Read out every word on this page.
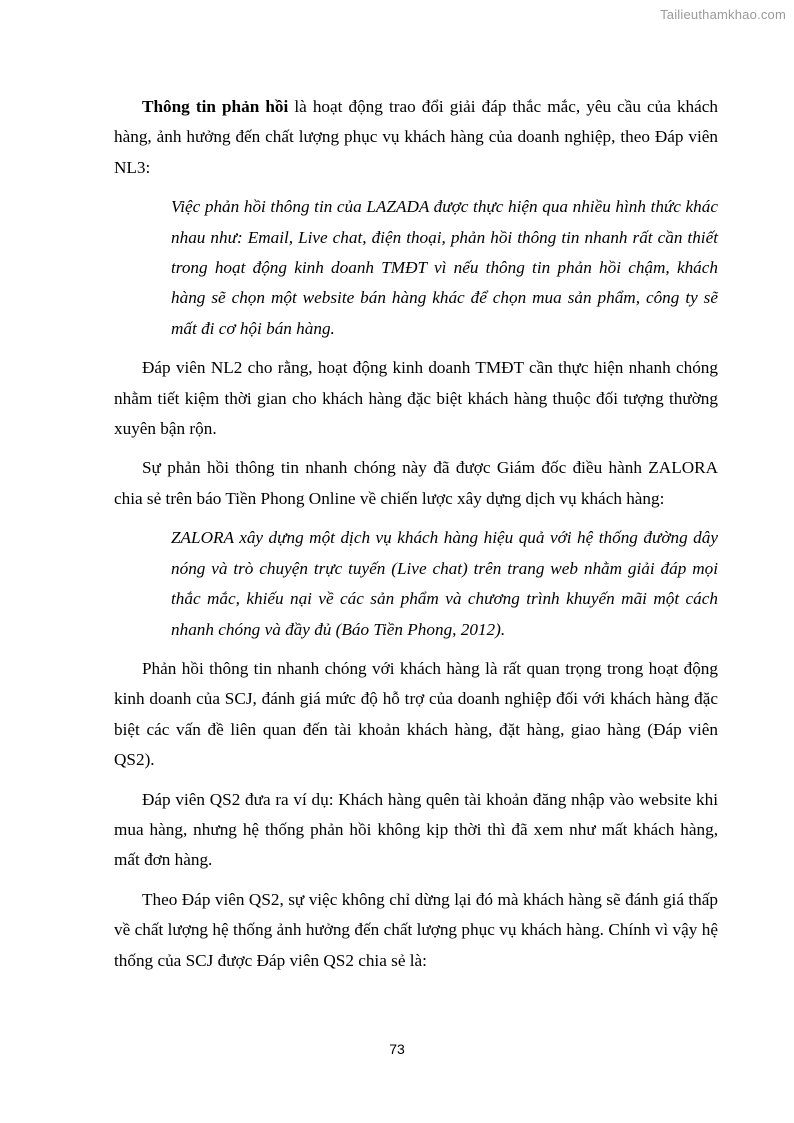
Tailieuthamkhao.com

Thông tin phản hồi là hoạt động trao đổi giải đáp thắc mắc, yêu cầu của khách hàng, ảnh hưởng đến chất lượng phục vụ khách hàng của doanh nghiệp, theo Đáp viên NL3:

Việc phản hồi thông tin của LAZADA được thực hiện qua nhiều hình thức khác nhau như: Email, Live chat, điện thoại, phản hồi thông tin nhanh rất cần thiết trong hoạt động kinh doanh TMĐT vì nếu thông tin phản hồi chậm, khách hàng sẽ chọn một website bán hàng khác để chọn mua sản phẩm, công ty sẽ mất đi cơ hội bán hàng.

Đáp viên NL2 cho rằng, hoạt động kinh doanh TMĐT cần thực hiện nhanh chóng nhằm tiết kiệm thời gian cho khách hàng đặc biệt khách hàng thuộc đối tượng thường xuyên bận rộn.

Sự phản hồi thông tin nhanh chóng này đã được Giám đốc điều hành ZALORA chia sẻ trên báo Tiền Phong Online về chiến lược xây dựng dịch vụ khách hàng:

ZALORA xây dựng một dịch vụ khách hàng hiệu quả với hệ thống đường dây nóng và trò chuyện trực tuyến (Live chat) trên trang web nhằm giải đáp mọi thắc mắc, khiếu nại về các sản phẩm và chương trình khuyến mãi một cách nhanh chóng và đầy đủ (Báo Tiền Phong, 2012).

Phản hồi thông tin nhanh chóng với khách hàng là rất quan trọng trong hoạt động kinh doanh của SCJ, đánh giá mức độ hỗ trợ của doanh nghiệp đối với khách hàng đặc biệt các vấn đề liên quan đến tài khoản khách hàng, đặt hàng, giao hàng (Đáp viên QS2).

Đáp viên QS2 đưa ra ví dụ: Khách hàng quên tài khoản đăng nhập vào website khi mua hàng, nhưng hệ thống phản hồi không kịp thời thì đã xem như mất khách hàng, mất đơn hàng.

Theo Đáp viên QS2, sự việc không chỉ dừng lại đó mà khách hàng sẽ đánh giá thấp về chất lượng hệ thống ảnh hưởng đến chất lượng phục vụ khách hàng. Chính vì vậy hệ thống của SCJ được Đáp viên QS2 chia sẻ là:

73
